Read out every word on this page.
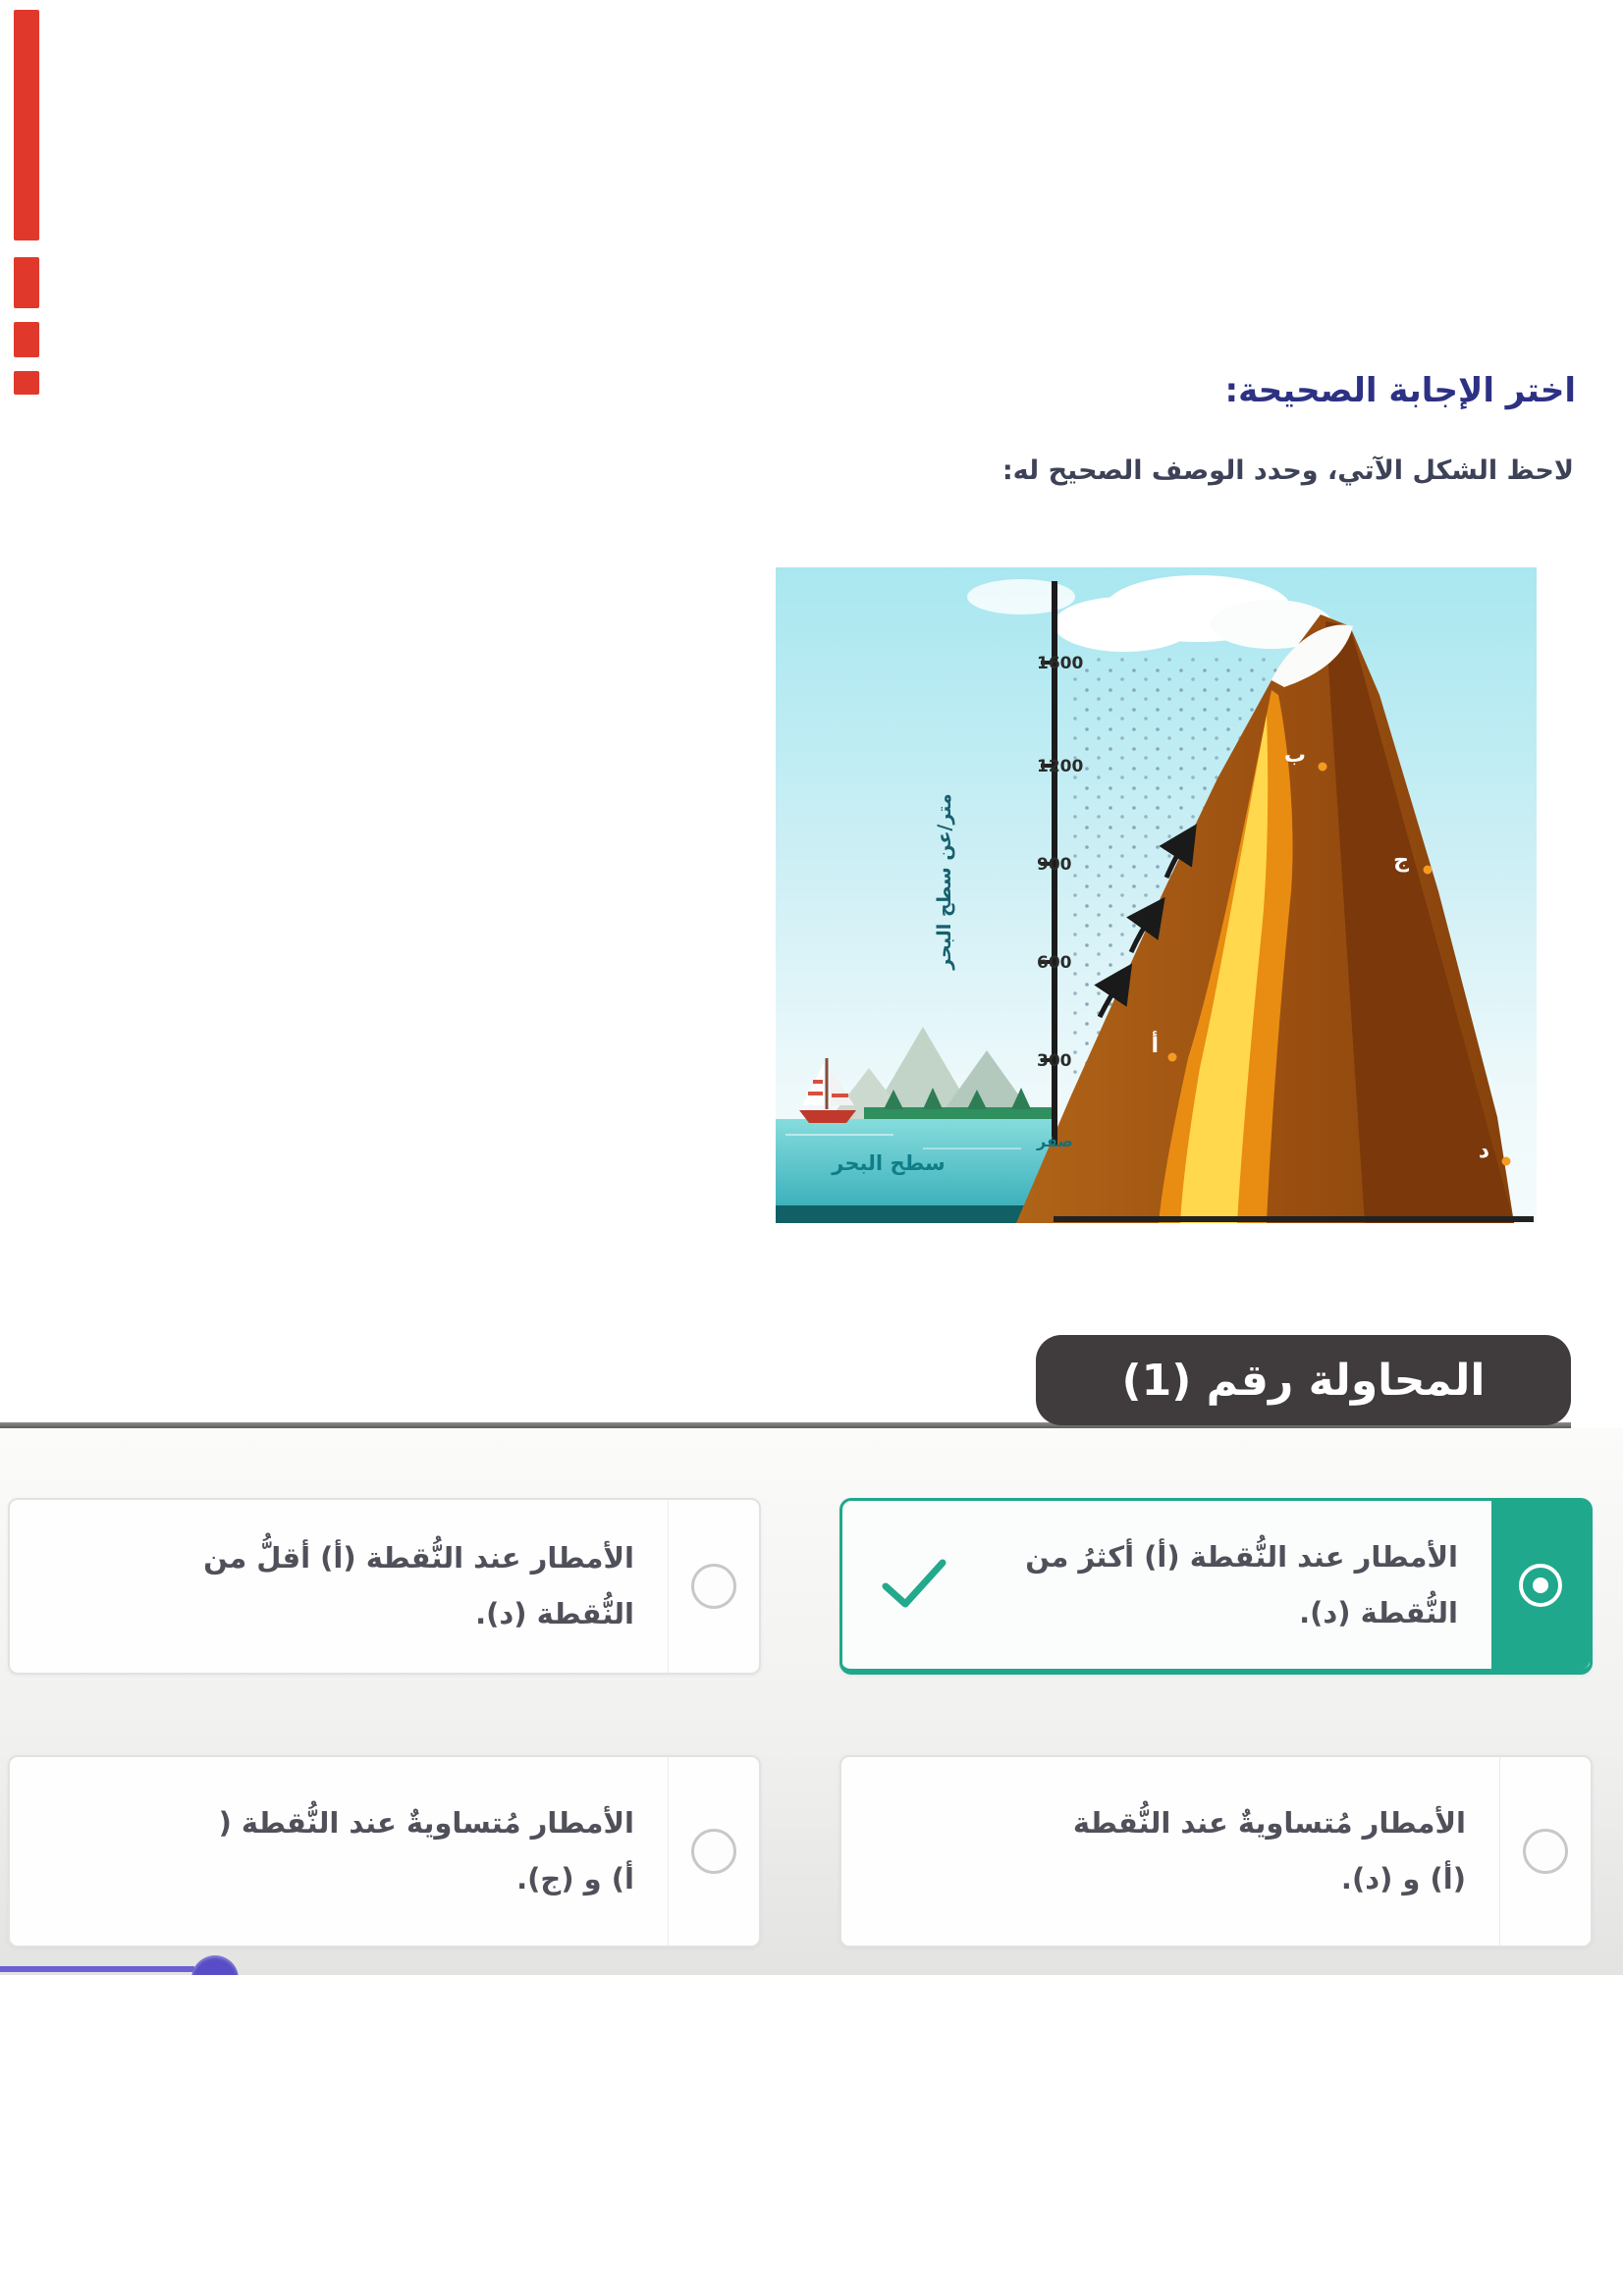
اختر الإجابة الصحيحة:
لاحظ الشكل الآتي، وحدد الوصف الصحيح له:
1600
1200
900
600
300
متر/عن سطح البحر
صفر
سطح البحر
ب
ج
أ
د
المحاولة رقم (1)
الأمطار عند النُّقطة (أ) أكثرُ من
النُّقطة (د).
الأمطار عند النُّقطة (أ) أقلُّ من
النُّقطة (د).
الأمطار مُتساويةٌ عند النُّقطة
(أ) و (د).
الأمطار مُتساويةٌ عند النُّقطة (
أ) و (ج).
